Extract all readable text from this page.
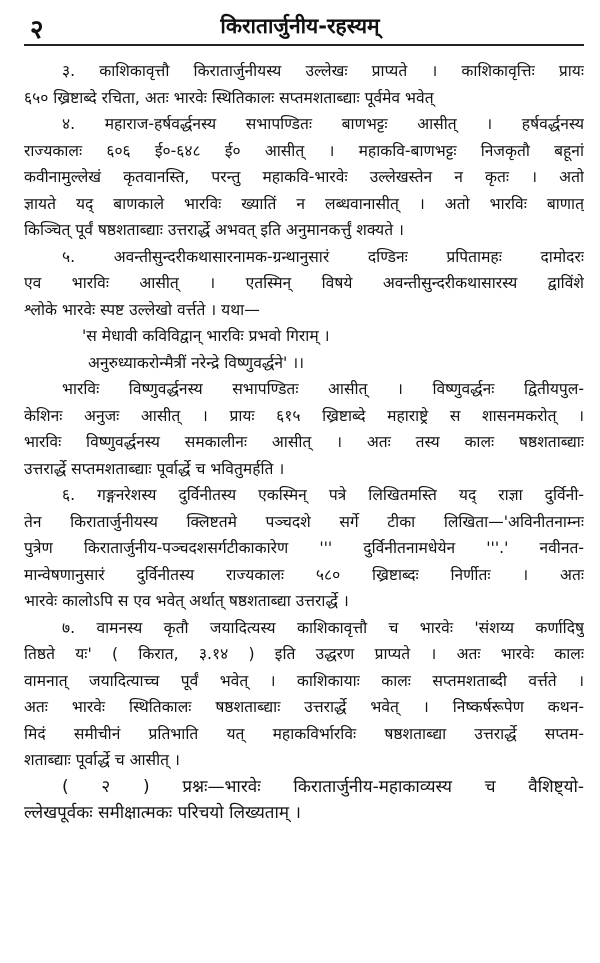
२	किरातार्जुनीय-रहस्यम्
३. काशिकावृत्तौ किरातार्जुनीयस्य उल्लेखः प्राप्यते । काशिकावृत्तिः प्रायः
६५० ख्रिष्टाब्दे रचिता, अतः भारवेः स्थितिकालः सप्तमशताब्द्याः पूर्वमेव भवेत्
४. महाराज-हर्षवर्द्धनस्य सभापण्डितः बाणभट्टः आसीत् । हर्षवर्द्धनस्य
राज्यकालः ६०६ ई०-६४८ ई० आसीत् । महाकवि-बाणभट्टः निजकृतौ बहूनां
कवीनामुल्लेखं कृतवानस्ति, परन्तु महाकवि-भारवेः उल्लेखस्तेन न कृतः । अतो
ज्ञायते यद् बाणकाले भारविः ख्यातिं न लब्धवानासीत् । अतो भारविः बाणात्
किञ्चित् पूर्वं षष्ठशताब्द्याः उत्तरार्द्धे अभवत् इति अनुमानकर्त्तुं शक्यते ।
५. अवन्तीसुन्दरीकथासारनामक-ग्रन्थानुसारं दण्डिनः प्रपितामहः दामोदरः
एव भारविः आसीत् । एतस्मिन् विषये अवन्तीसुन्दरीकथासारस्य द्वाविंशे
श्लोके भारवेः स्पष्ट उल्लेखो वर्त्तते । यथा—
'स मेधावी कविविद्वान् भारविः प्रभवो गिराम् ।
अनुरुध्याकरोन्मैत्रीं नरेन्द्रे विष्णुवर्द्धने' ।।
भारविः विष्णुवर्द्धनस्य सभापण्डितः आसीत् । विष्णुवर्द्धनः द्वितीयपुल-
केशिनः अनुजः आसीत् । प्रायः ६१५ ख्रिष्टाब्दे महाराष्ट्रे स शासनमकरोत् ।
भारविः विष्णुवर्द्धनस्य समकालीनः आसीत् । अतः तस्य कालः षष्ठशताब्द्याः
उत्तरार्द्धे सप्तमशताब्द्याः पूर्वार्द्धे च भवितुमर्हति ।
६. गङ्गनरेशस्य दुर्विनीतस्य एकस्मिन् पत्रे लिखितमस्ति यद् राज्ञा दुर्विनी-
तेन किरातार्जुनीयस्य क्लिष्टतमे पञ्चदशे सर्गे टीका लिखिता—'अविनीतनाम्नः
पुत्रेण किरातार्जुनीय-पञ्चदशसर्गटीकाकारेण ''' दुर्विनीतनामधेयेन '''.' नवीनत-
मान्वेषणानुसारं दुर्विनीतस्य राज्यकालः ५८० ख्रिष्टाब्दः निर्णीतः । अतः
भारवेः कालोऽपि स एव भवेत् अर्थात् षष्ठशताब्द्या उत्तरार्द्धे ।
७. वामनस्य कृतौ जयादित्यस्य काशिकावृत्तौ च भारवेः 'संशय्य कर्णादिषु
तिष्ठते यः' ( किरात, ३.१४ ) इति उद्धरण प्राप्यते । अतः भारवेः कालः
वामनात् जयादित्याच्च पूर्वं भवेत् । काशिकायाः कालः सप्तमशताब्दी वर्त्तते ।
अतः भारवेः स्थितिकालः षष्ठशताब्द्याः उत्तरार्द्धे भवेत् । निष्कर्षरूपेण कथन-
मिदं समीचीनं प्रतिभाति यत् महाकविर्भारविः षष्ठशताब्द्या उत्तरार्द्धे सप्तम-
शताब्द्याः पूर्वार्द्धे च आसीत् ।
( २ ) प्रश्नः—भारवेः किरातार्जुनीय-महाकाव्यस्य च वैशिष्ट्यो-
ल्लेखपूर्वकः समीक्षात्मकः परिचयो लिख्यताम् ।
